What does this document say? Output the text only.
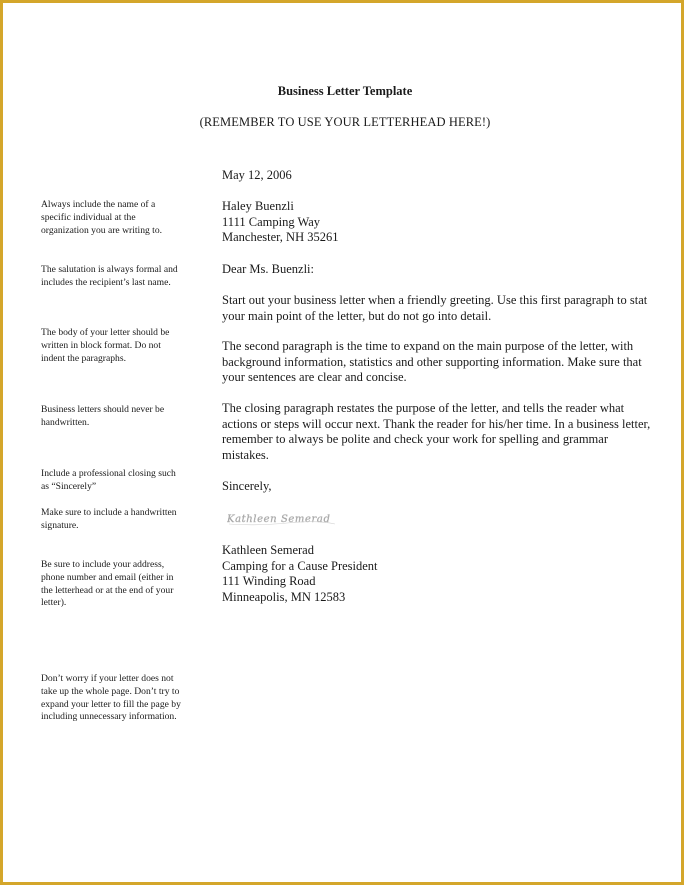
Business Letter Template
(REMEMBER TO USE YOUR LETTERHEAD HERE!)
Always include the name of a specific individual at the organization you are writing to.
The salutation is always formal and includes the recipient’s last name.
The body of your letter should be written in block format. Do not indent the paragraphs.
Business letters should never be handwritten.
Include a professional closing such as “Sincerely”
Make sure to include a handwritten signature.
Be sure to include your address, phone number and email (either in the letterhead or at the end of your letter).
Don’t worry if your letter does not take up the whole page. Don’t try to expand your letter to fill the page by including unnecessary information.
May 12, 2006
Haley Buenzli
1111 Camping Way
Manchester, NH 35261
Dear Ms. Buenzli:
Start out your business letter when a friendly greeting. Use this first paragraph to stat your main point of the letter, but do not go into detail.
The second paragraph is the time to expand on the main purpose of the letter, with background information, statistics and other supporting information. Make sure that your sentences are clear and concise.
The closing paragraph restates the purpose of the letter, and tells the reader what actions or steps will occur next. Thank the reader for his/her time. In a business letter, remember to always be polite and check your work for spelling and grammar mistakes.
Sincerely,
Kathleen Semerad
Kathleen Semerad
Camping for a Cause President
111 Winding Road
Minneapolis, MN 12583
